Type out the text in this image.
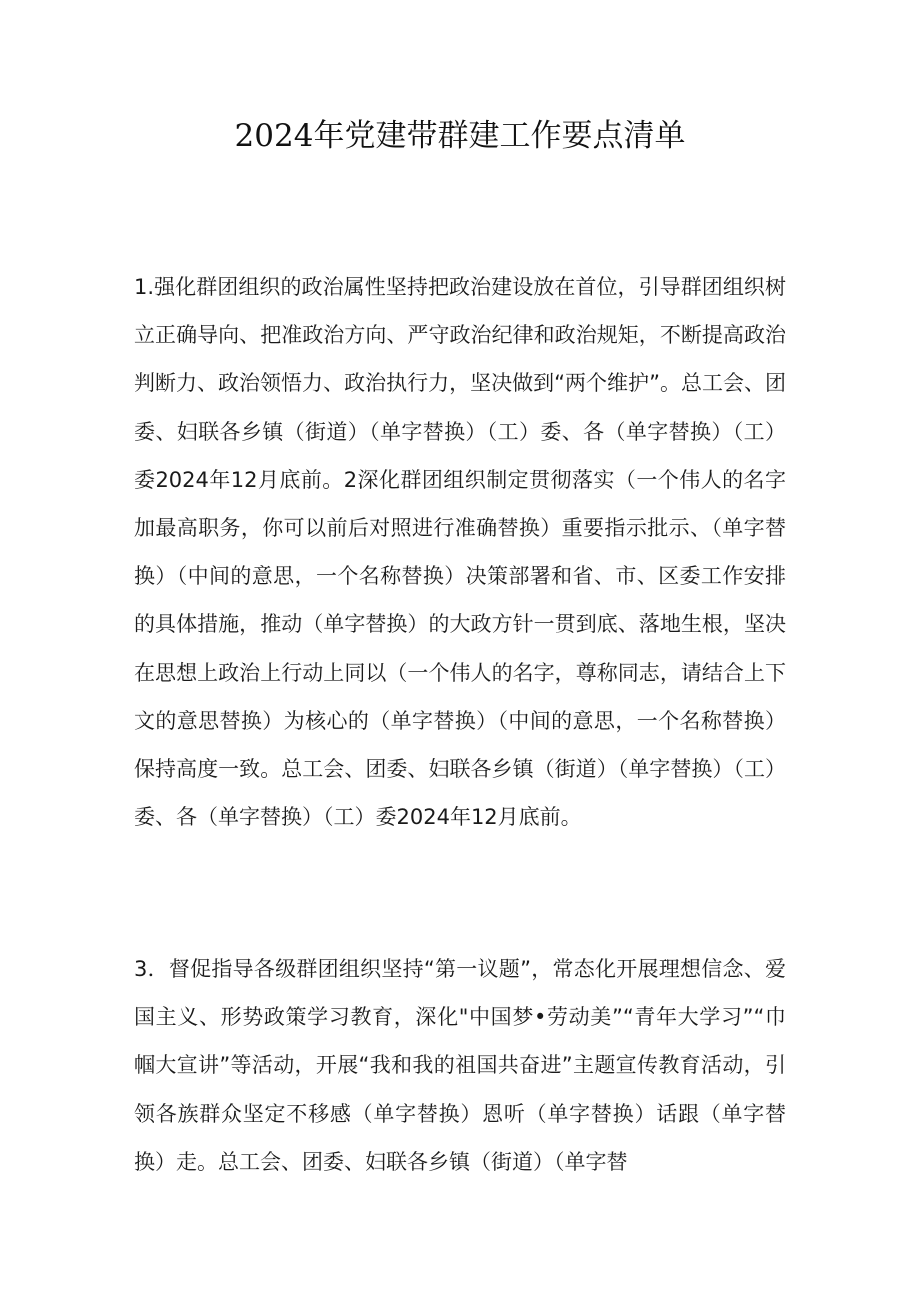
2024年党建带群建工作要点清单

1.强化群团组织的政治属性坚持把政治建设放在首位，引导群团组织树立正确导向、把准政治方向、严守政治纪律和政治规矩，不断提高政治判断力、政治领悟力、政治执行力，坚决做到“两个维护”。总工会、团委、妇联各乡镇（街道）（单字替换）（工）委、各（单字替换）（工）委2024年12月底前。2深化群团组织制定贯彻落实（一个伟人的名字加最高职务，你可以前后对照进行准确替换）重要指示批示、（单字替换）（中间的意思，一个名称替换）决策部署和省、市、区委工作安排的具体措施，推动（单字替换）的大政方针一贯到底、落地生根，坚决在思想上政治上行动上同以（一个伟人的名字，尊称同志，请结合上下文的意思替换）为核心的（单字替换）（中间的意思，一个名称替换）保持高度一致。总工会、团委、妇联各乡镇（街道）（单字替换）（工）委、各（单字替换）（工）委2024年12月底前。

3．督促指导各级群团组织坚持“第一议题”，常态化开展理想信念、爱国主义、形势政策学习教育，深化"中国梦•劳动美”“青年大学习”“巾帼大宣讲”等活动，开展“我和我的祖国共奋进”主题宣传教育活动，引领各族群众坚定不移感（单字替换）恩听（单字替换）话跟（单字替换）走。总工会、团委、妇联各乡镇（街道）（单字替
